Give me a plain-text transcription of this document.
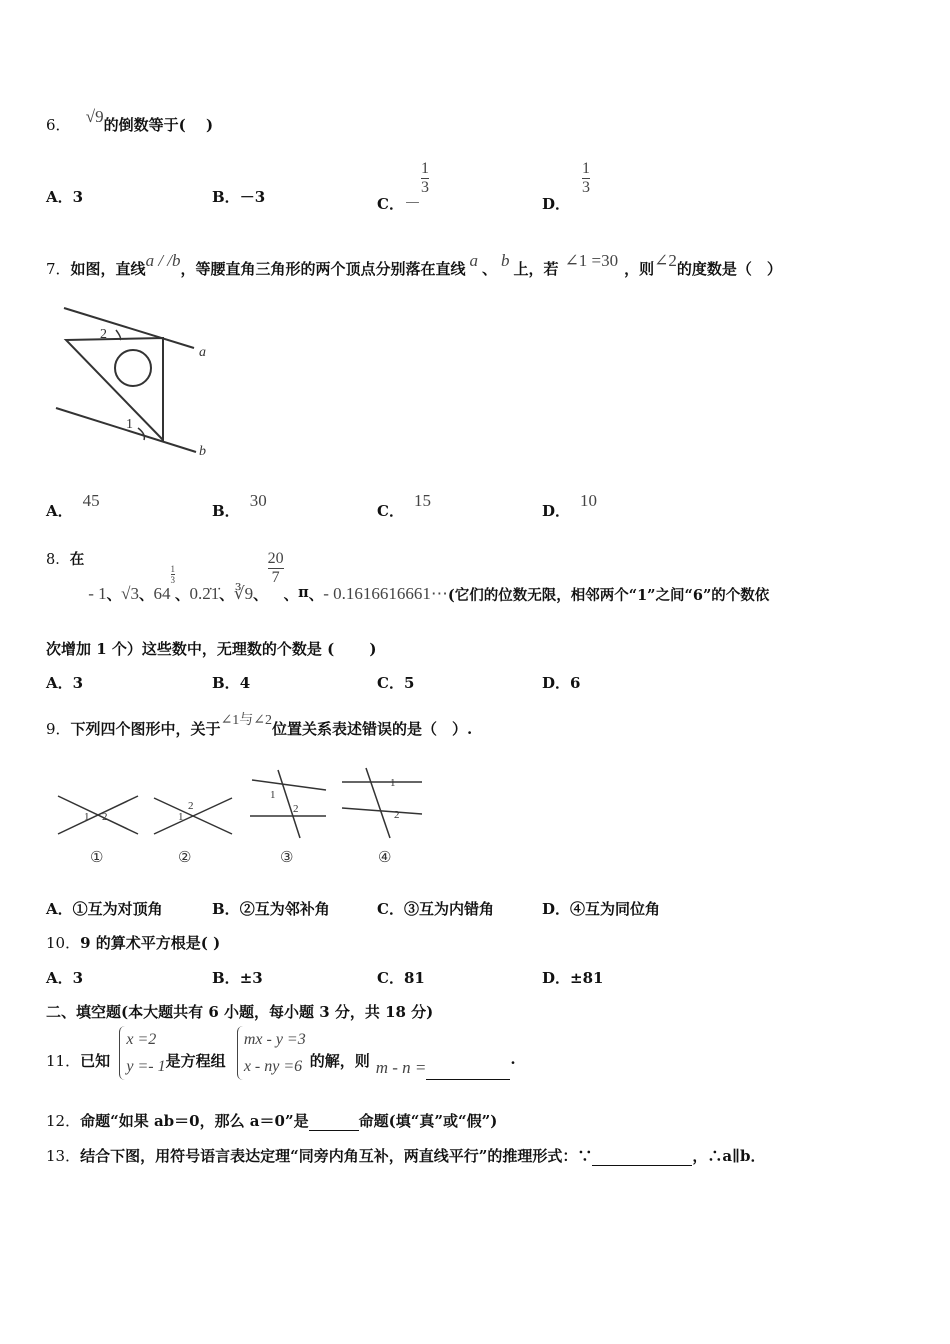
6． √9的倒数等于(　 )
A．3	B．－3	C．－
$\frac{1}{3}$
D．
$\frac{1}{3}$
7．如图，直线a / /b，等腰直角三角形的两个顶点分别落在直线 a 、 b 上，若 ∠1 =30 ，则∠2的度数是（　）
2
1
a
b
A．45
B．30
C．15
D．10
8．在- 1、√3、64
$\frac{1}{3}$
、0.2̇1̇、∛9、
$\frac{20}{7}$
、π、- 0.1616616661⋯(它们的位数无限，相邻两个“1”之间“6”的个数依
次增加 1 个）这些数中，无理数的个数是 (　　 )
A．3	B．4	C．5	D．6
9．下列四个图形中，关于∠1与∠2位置关系表述错误的是（　）.
1 2
①
1
2
②
1
2
③
1
2
④
A．①互为对顶角	B．②互为邻补角	C．③互为内错角	D．④互为同位角
10．9 的算术平方根是( )
A．3	B．±3	C．81	D．±81
二、填空题(本大题共有 6 小题，每小题 3 分，共 18 分)
11．已知
x =2
y =- 1 是方程组
mx - y =3
x - ny =6 的解，则 m - n =	.
12．命题“如果 ab＝0，那么 a＝0”是	命题(填“真”或“假”)
13．结合下图，用符号语言表达定理“同旁内角互补，两直线平行”的推理形式：∵	，∴a∥b．
